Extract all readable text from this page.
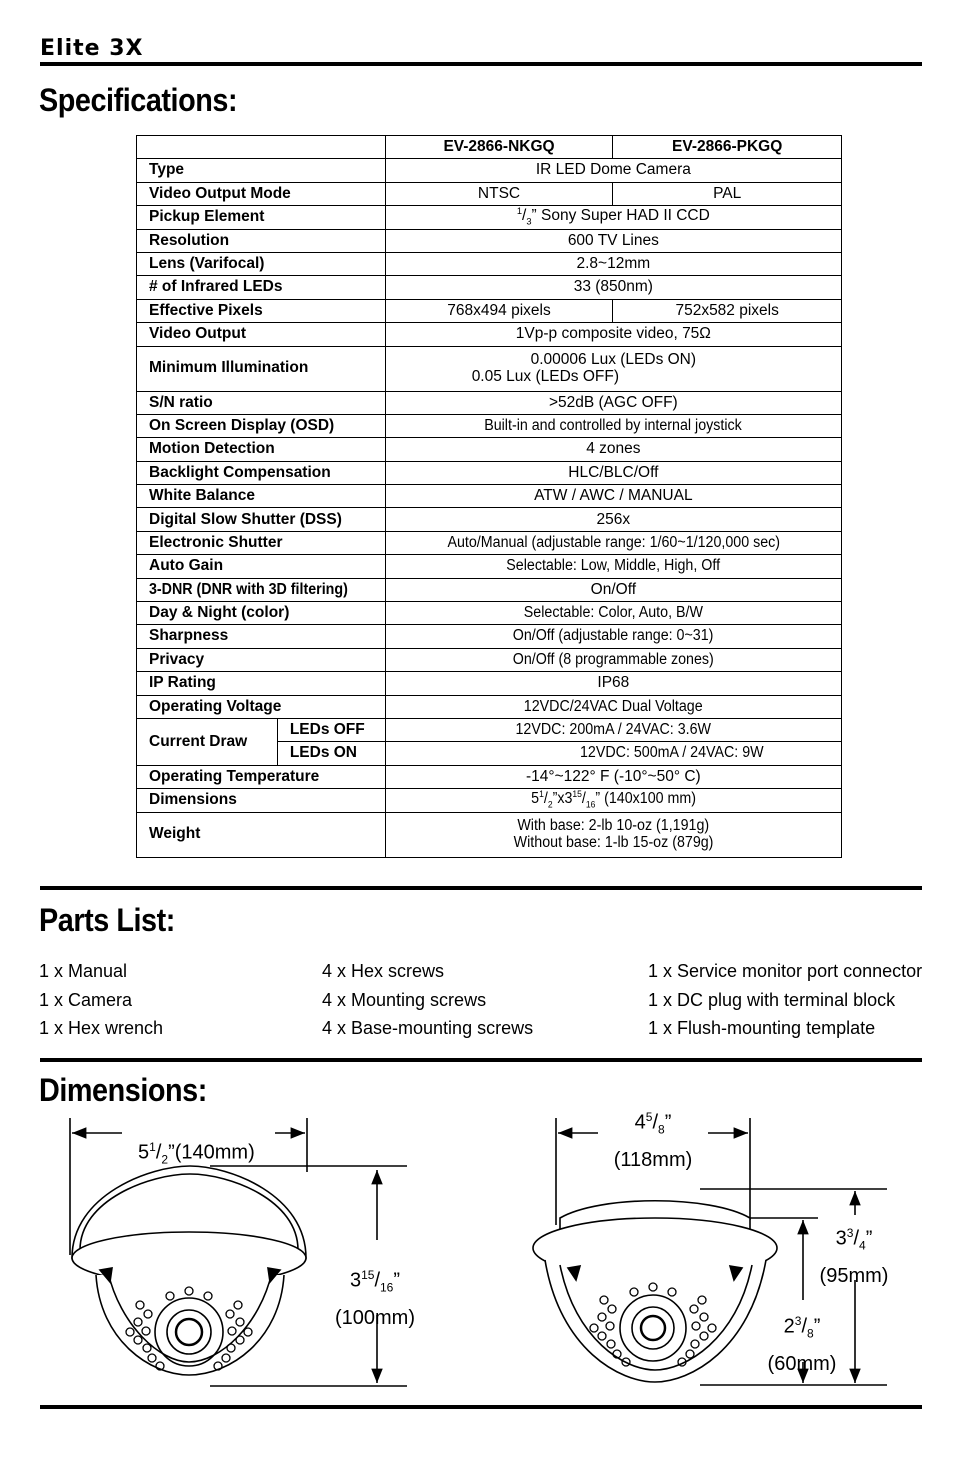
Elite 3X
Specifications:
		EV-2866-NKGQ	EV-2866-PKGQ
Type		IR LED Dome Camera	
Video Output Mode		NTSC	PAL
Pickup Element		$^1/_3$” Sony Super HAD II CCD	
Resolution		600 TV Lines	
Lens (Varifocal)		2.8~12mm	
# of Infrared LEDs		33 (850nm)	
Effective Pixels		768x494 pixels	752x582 pixels
Video Output		1Vp-p composite video, 75Ω	
Minimum Illumination		0.00006 Lux (LEDs ON)
0.05 Lux (LEDs OFF)	

S/N ratio		>52dB (AGC OFF)	
On Screen Display (OSD)		Built-in and controlled by internal joystick	
Motion Detection		4 zones	
Backlight Compensation		HLC/BLC/Off	
White Balance		ATW / AWC / MANUAL	
Digital Slow Shutter (DSS)		256x	
Electronic Shutter		Auto/Manual (adjustable range: 1/60~1/120,000 sec)	
Auto Gain		Selectable: Low, Middle, High, Off	
3-DNR (DNR with 3D filtering)		On/Off	
Day & Night (color)		Selectable: Color, Auto, B/W	
Sharpness		On/Off (adjustable range: 0~31)	
Privacy		On/Off (8 programmable zones)	
IP Rating		IP68	
Operating Voltage		12VDC/24VAC Dual Voltage	
Current Draw	LEDs OFF	12VDC: 200mA / 24VAC: 3.6W	
	LEDs ON	12VDC: 500mA / 24VAC: 9W	
Operating Temperature		-14°~122° F (-10°~50° C)	
Dimensions		$5^1/_2”x3^{15}/_{16}$” (140x100 mm)	
Weight		With base: 2-lb 10-oz (1,191g)
Without base: 1-lb 15-oz (879g)	
Parts List:
1 x Manual
1 x Camera
1 x Hex wrench
4 x Hex screws
4 x Mounting screws
4 x Base-mounting screws
1 x Service monitor port connector
1 x DC plug with terminal block
1 x Flush-mounting template
Dimensions:
$5^1/_2”(140mm)$
$3^{15}/_{16}$”
(100mm)
$4^5/_8$”
(118mm)
$3^3/_4$”
(95mm)
$2^3/_8$”
(60mm)
